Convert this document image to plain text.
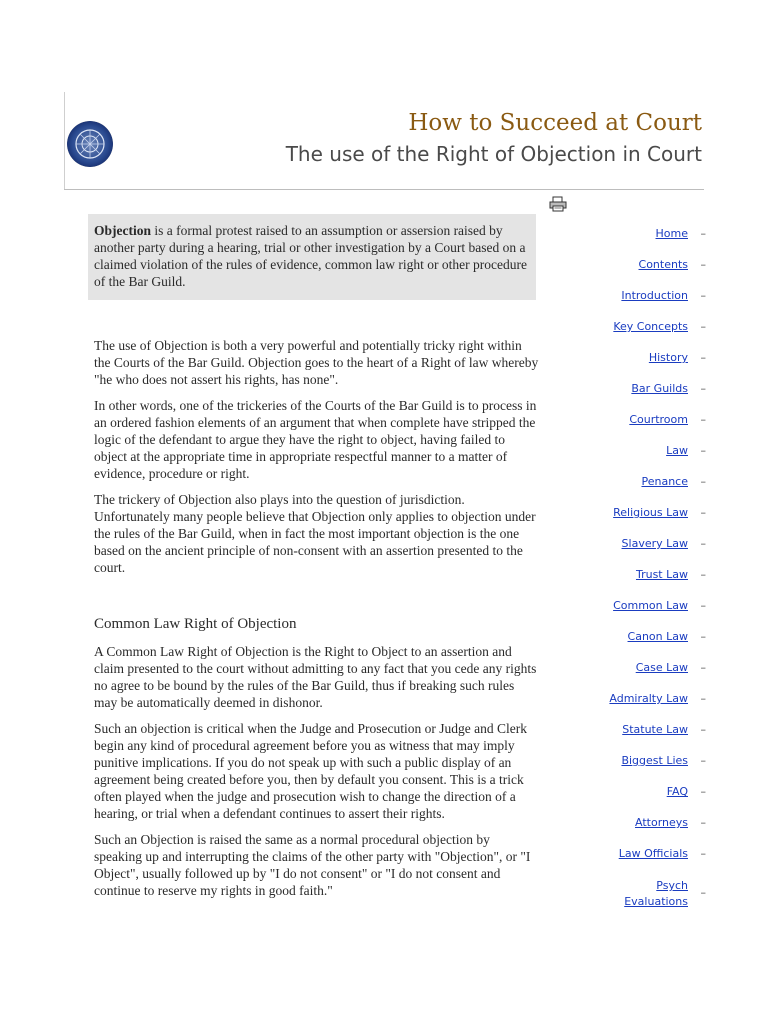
How to Succeed at Court
The use of the Right of Objection in Court

Objection is a formal protest raised to an assumption or assersion raised by another party during a hearing, trial or other investigation by a Court based on a claimed violation of the rules of evidence, common law right or other procedure of the Bar Guild.

The use of Objection is both a very powerful and potentially tricky right within the Courts of the Bar Guild. Objection goes to the heart of a Right of law whereby "he who does not assert his rights, has none".

In other words, one of the trickeries of the Courts of the Bar Guild is to process in an ordered fashion elements of an argument that when complete have stripped the logic of the defendant to argue they have the right to object, having failed to object at the appropriate time in appropriate respectful manner to a matter of evidence, procedure or right.

The trickery of Objection also plays into the question of jurisdiction. Unfortunately many people believe that Objection only applies to objection under the rules of the Bar Guild, when in fact the most important objection is the one based on the ancient principle of non-consent with an assertion presented to the court.

Common Law Right of Objection

A Common Law Right of Objection is the Right to Object to an assertion and claim presented to the court without admitting to any fact that you cede any rights no agree to be bound by the rules of the Bar Guild, thus if breaking such rules may be automatically deemed in dishonor.

Such an objection is critical when the Judge and Prosecution or Judge and Clerk begin any kind of procedural agreement before you as witness that may imply punitive implications. If you do not speak up with such a public display of an agreement being created before you, then by default you consent. This is a trick often played when the judge and prosecution wish to change the direction of a hearing, or trial when a defendant continues to assert their rights.

Such an Objection is raised the same as a normal procedural objection by speaking up and interrupting the claims of the other party with "Objection", or "I Object", usually followed up by "I do not consent" or "I do not consent and continue to reserve my rights in good faith."

Home –
Contents –
Introduction –
Key Concepts –
History –
Bar Guilds –
Courtroom –
Law –
Penance –
Religious Law –
Slavery Law –
Trust Law –
Common Law –
Canon Law –
Case Law –
Admiralty Law –
Statute Law –
Biggest Lies –
FAQ –
Attorneys –
Law Officials –
Psych
Evaluations
–
